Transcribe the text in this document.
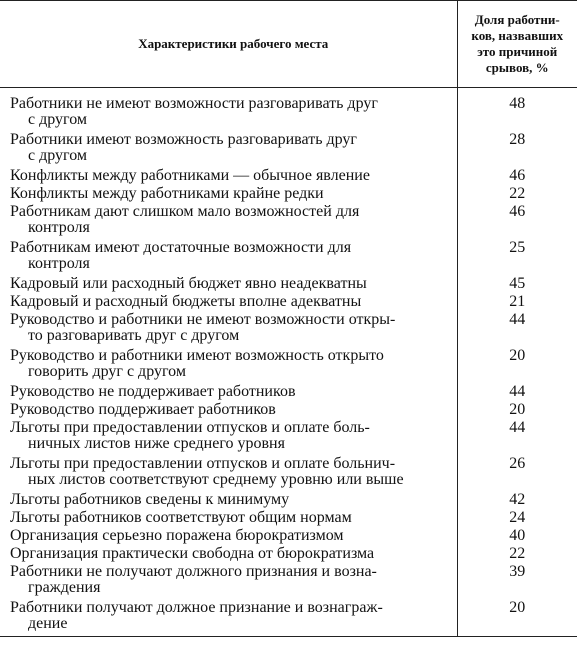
Характеристики рабочего места	Доля работни-
ков, назвавших
это причиной
срывов, %

Работники не имеют возможности разговаривать друг
с другом	48

Работники имеют возможность разговаривать друг
с другом	28

Конфликты между работниками — обычное явление	46

Конфликты между работниками крайне редки	22

Работникам дают слишком мало возможностей для
контроля	46

Работникам имеют достаточные возможности для
контроля	25

Кадровый или расходный бюджет явно неадекватны	45

Кадровый и расходный бюджеты вполне адекватны	21

Руководство и работники не имеют возможности откры-
то разговаривать друг с другом	44

Руководство и работники имеют возможность открыто
говорить друг с другом	20

Руководство не поддерживает работников	44

Руководство поддерживает работников	20

Льготы при предоставлении отпусков и оплате боль-
ничных листов ниже среднего уровня	44

Льготы при предоставлении отпусков и оплате больнич-
ных листов соответствуют среднему уровню или выше	26

Льготы работников сведены к минимуму	42

Льготы работников соответствуют общим нормам	24

Организация серьезно поражена бюрократизмом	40

Организация практически свободна от бюрократизма	22

Работники не получают должного признания и возна-
граждения	39

Работники получают должное признание и вознаграж-
дение	20
